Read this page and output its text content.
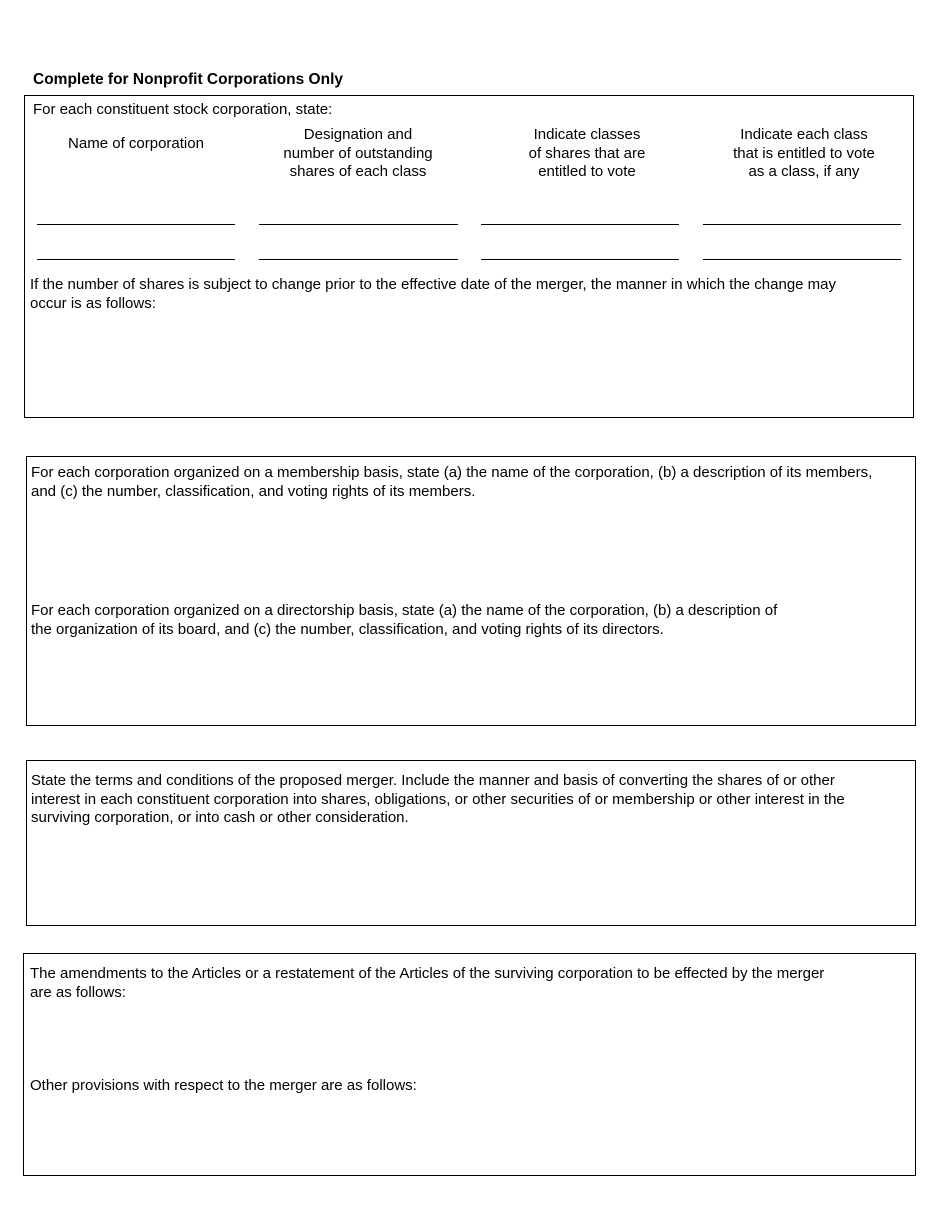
Complete for Nonprofit Corporations Only
For each constituent stock corporation, state:
Name of corporation
Designation and
number of outstanding
shares of each class
Indicate classes
of shares that are
entitled to vote
Indicate each class
that is entitled to vote
as a class, if any
If the number of shares is subject to change prior to the effective date of the merger, the manner in which the change may
occur is as follows:
For each corporation organized on a membership basis, state (a) the name of the corporation, (b) a description of its members,
and (c) the number, classification, and voting rights of its members.
For each corporation organized on a directorship basis, state (a) the name of the corporation, (b) a description of
the organization of its board, and (c) the number, classification, and voting rights of its directors.
State the terms and conditions of the proposed merger. Include the manner and basis of converting the shares of or other
interest in each constituent corporation into shares, obligations, or other securities of or membership or other interest in the
surviving corporation, or into cash or other consideration.
The amendments to the Articles or a restatement of the Articles of the surviving corporation to be effected by the merger
are as follows:
Other provisions with respect to the merger are as follows:
